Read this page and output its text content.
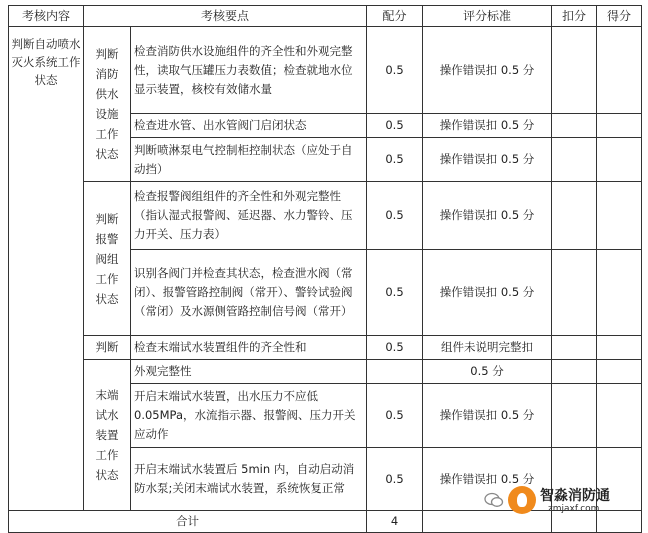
考核内容	考核要点		配分	评分标准	扣分	得分
判断自动喷水灭火系统工作状态	判断消防供水设施工作状态	检查消防供水设施组件的齐全性和外观完整性，读取气压罐压力表数值；检查就地水位显示装置，核校有效储水量	0.5	操作错误扣 0.5 分		
		检查进水管、出水管阀门启闭状态	0.5	操作错误扣 0.5 分		
		判断喷淋泵电气控制柜控制状态（应处于自动挡）	0.5	操作错误扣 0.5 分		
	判断报警阀组工作状态	检查报警阀组组件的齐全性和外观完整性（指认湿式报警阀、延迟器、水力警铃、压力开关、压力表）	0.5	操作错误扣 0.5 分		
		识别各阀门并检查其状态，检查泄水阀（常闭）、报警管路控制阀（常开）、警铃试验阀（常闭）及水源侧管路控制信号阀（常开）	0.5	操作错误扣 0.5 分		
	判断	检查末端试水装置组件的齐全性和	0.5	组件未说明完整扣		
	末端试水装置工作状态	外观完整性		0.5 分		
		开启末端试水装置，出水压力不应低 0.05MPa，水流指示器、报警阀、压力开关应动作	0.5	操作错误扣 0.5 分		
		开启末端试水装置后 5min 内，自动启动消防水泵;关闭末端试水装置，系统恢复正常	0.5	操作错误扣 0.5 分		
合计			4			
智淼消防通
zmjaxf.com
